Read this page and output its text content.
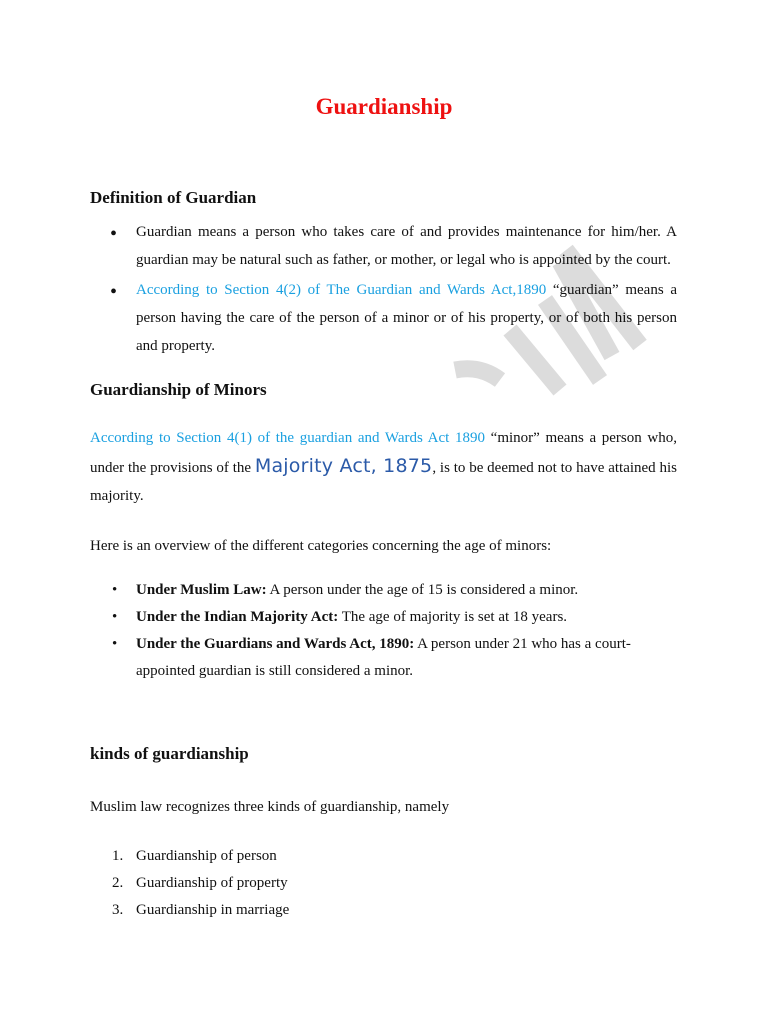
Guardianship
Definition of Guardian
• Guardian means a person who takes care of and provides maintenance for him/her. A guardian may be natural such as father, or mother, or legal who is appointed by the court.
• According to Section 4(2) of The Guardian and Wards Act,1890 “guardian” means a person having the care of the person of a minor or of his property, or of both his person and property.
Guardianship of Minors

According to Section 4(1) of the guardian and Wards Act 1890 “minor” means a person who, under the provisions of the Majority Act, 1875, is to be deemed not to have attained his majority.

Here is an overview of the different categories concerning the age of minors:

• Under Muslim Law: A person under the age of 15 is considered a minor.
• Under the Indian Majority Act: The age of majority is set at 18 years.
• Under the Guardians and Wards Act, 1890: A person under 21 who has a court-appointed guardian is still considered a minor.
kinds of guardianship

Muslim law recognizes three kinds of guardianship, namely

1. Guardianship of person
2. Guardianship of property
3. Guardianship in marriage
